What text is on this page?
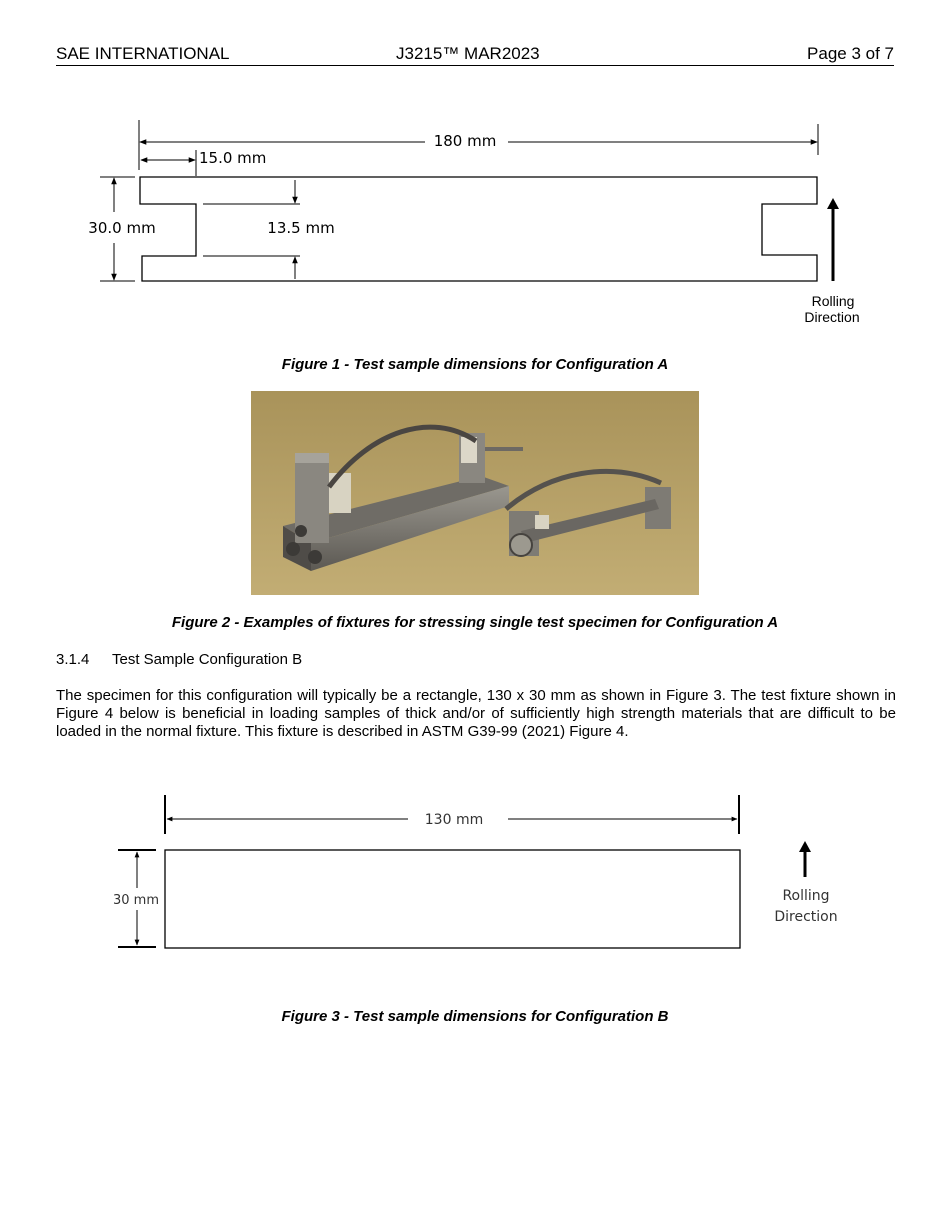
SAE INTERNATIONAL	J3215™ MAR2023	Page 3 of 7
180 mm
15.0 mm
30.0 mm	13.5 mm
Rolling
Direction
Figure 1 - Test sample dimensions for Configuration A
Figure 2 - Examples of fixtures for stressing single test specimen for Configuration A
3.1.4 Test Sample Configuration B
The specimen for this configuration will typically be a rectangle, 130 x 30 mm as shown in Figure 3. The test fixture shown in Figure 4 below is beneficial in loading samples of thick and/or of sufficiently high strength materials that are difficult to be loaded in the normal fixture. This fixture is described in ASTM G39-99 (2021) Figure 4.
130 mm
30 mm	Rolling
Direction
Figure 3 - Test sample dimensions for Configuration B
